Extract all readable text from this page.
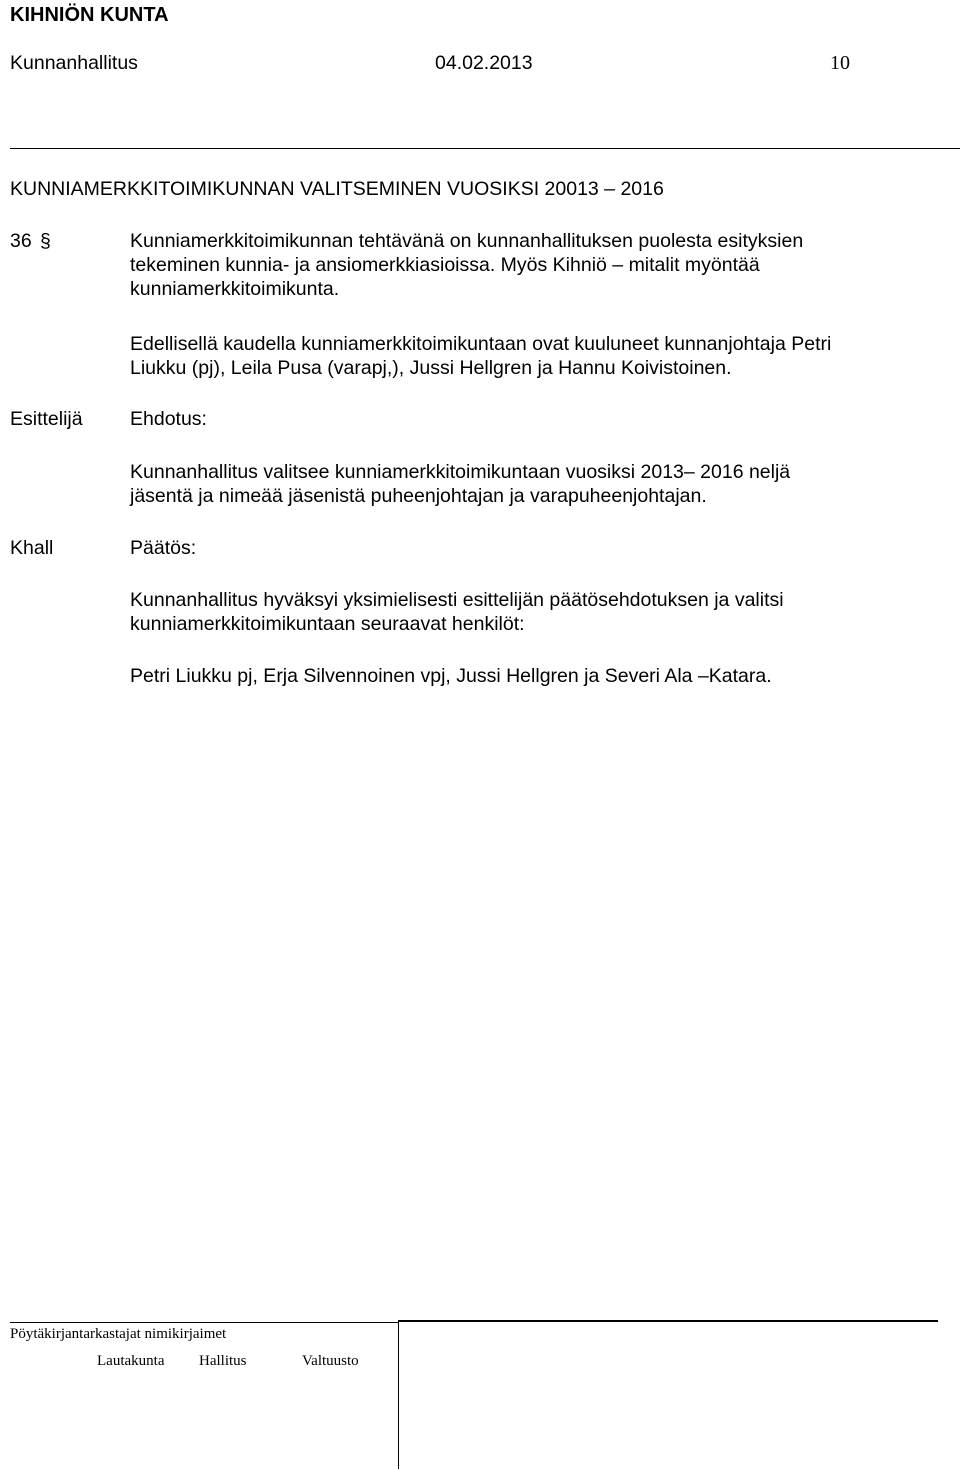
KIHNIÖN KUNTA
Kunnanhallitus	04.02.2013	10
KUNNIAMERKKITOIMIKUNNAN VALITSEMINEN VUOSIKSI 20013 – 2016
36 §	Kunniamerkkitoimikunnan tehtävänä on kunnanhallituksen puolesta esityksien
tekeminen kunnia- ja ansiomerkkiasioissa. Myös Kihniö – mitalit myöntää
kunniamerkkitoimikunta.
Edellisellä kaudella kunniamerkkitoimikuntaan ovat kuuluneet kunnanjohtaja Petri
Liukku (pj), Leila Pusa (varapj,), Jussi Hellgren ja Hannu Koivistoinen.
Esittelijä Ehdotus:
Kunnanhallitus valitsee kunniamerkkitoimikuntaan vuosiksi 2013– 2016 neljä
jäsentä ja nimeää jäsenistä puheenjohtajan ja varapuheenjohtajan.
Khall	Päätös:
Kunnanhallitus hyväksyi yksimielisesti esittelijän päätösehdotuksen ja valitsi
kunniamerkkitoimikuntaan seuraavat henkilöt:
Petri Liukku pj, Erja Silvennoinen vpj, Jussi Hellgren ja Severi Ala –Katara.
Pöytäkirjantarkastajat nimikirjaimet
Lautakunta Hallitus	Valtuusto
